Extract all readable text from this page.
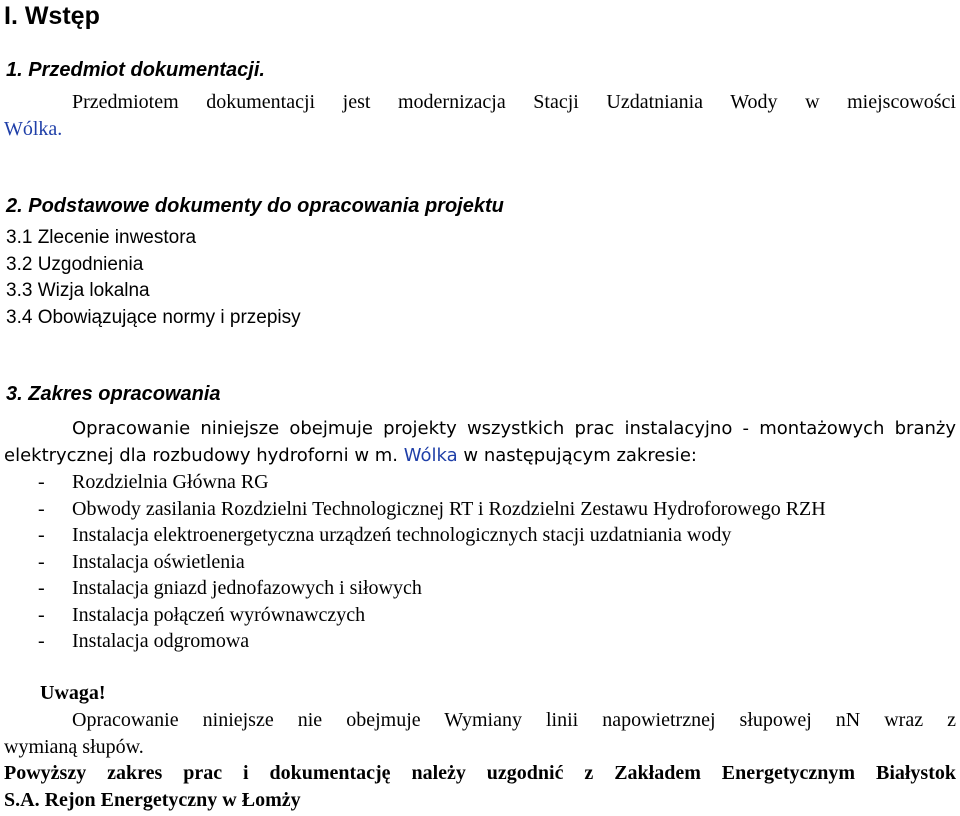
I. Wstęp
1. Przedmiot dokumentacji.

Przedmiotem dokumentacji jest modernizacja Stacji Uzdatniania Wody w miejscowości
Wólka.

2. Podstawowe dokumenty do opracowania projektu
3.1 Zlecenie inwestora
3.2 Uzgodnienia
3.3 Wizja lokalna
3.4 Obowiązujące normy i przepisy
3. Zakres opracowania

Opracowanie niniejsze obejmuje projekty wszystkich prac instalacyjno - montażowych branży
elektrycznej dla rozbudowy hydroforni w m. Wólka w następującym zakresie:

- Rozdzielnia Główna RG
- Obwody zasilania Rozdzielni Technologicznej RT i Rozdzielni Zestawu Hydroforowego RZH
- Instalacja elektroenergetyczna urządzeń technologicznych stacji uzdatniania wody
- Instalacja oświetlenia
- Instalacja gniazd jednofazowych i siłowych
- Instalacja połączeń wyrównawczych
- Instalacja odgromowa

Uwaga!

Opracowanie niniejsze nie obejmuje Wymiany linii napowietrznej słupowej nN wraz z
wymianą słupów.

Powyższy zakres prac i dokumentację należy uzgodnić z Zakładem Energetycznym Białystok
S.A. Rejon Energetyczny w Łomży
